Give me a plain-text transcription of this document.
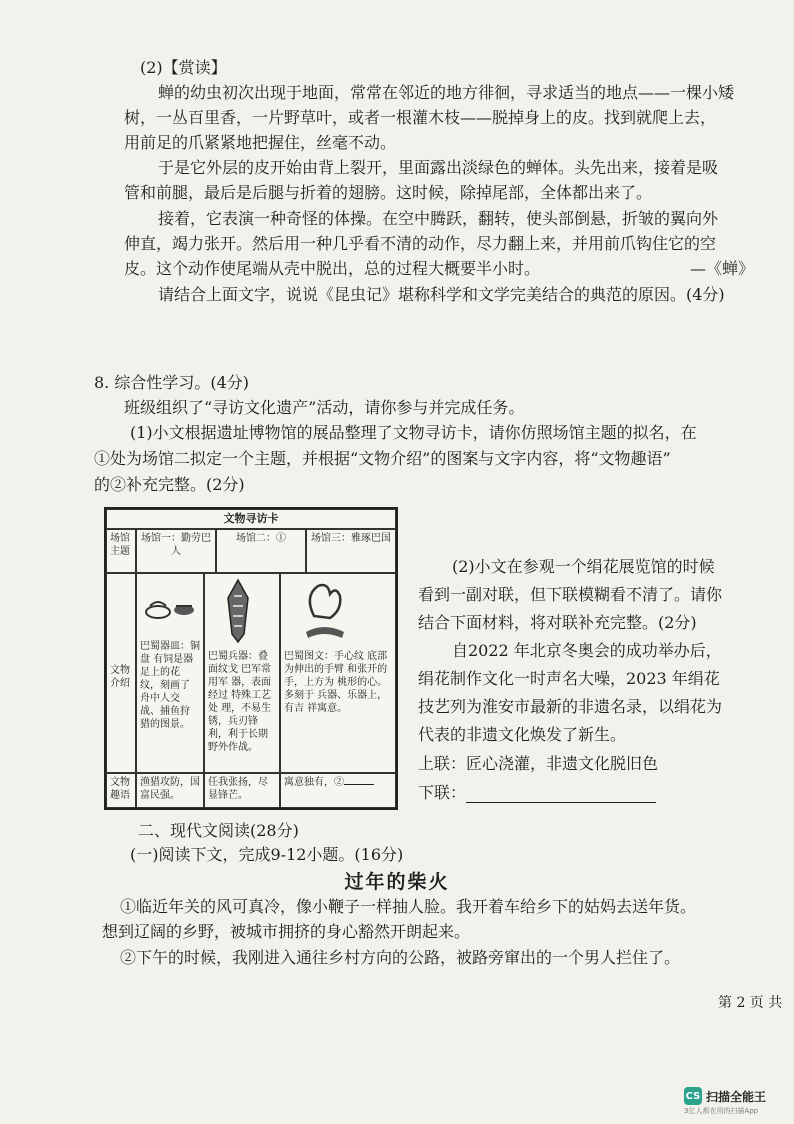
(2)【赏读】
蝉的幼虫初次出现于地面，常常在邻近的地方徘徊，寻求适当的地点——一棵小矮
树，一丛百里香，一片野草叶，或者一根灌木枝——脱掉身上的皮。找到就爬上去，
用前足的爪紧紧地把握住，丝毫不动。
于是它外层的皮开始由背上裂开，里面露出淡绿色的蝉体。头先出来，接着是吸
管和前腿，最后是后腿与折着的翅膀。这时候，除掉尾部，全体都出来了。
接着，它表演一种奇怪的体操。在空中腾跃，翻转，使头部倒悬，折皱的翼向外
伸直，竭力张开。然后用一种几乎看不清的动作，尽力翻上来，并用前爪钩住它的空
皮。这个动作使尾端从壳中脱出，总的过程大概要半小时。	—《蝉》
请结合上面文字，说说《昆虫记》堪称科学和文学完美结合的典范的原因。(4分)
8. 综合性学习。(4分)
班级组织了“寻访文化遗产”活动，请你参与并完成任务。
(1)小文根据遗址博物馆的展品整理了文物寻访卡，请你仿照场馆主题的拟名，在
①处为场馆二拟定一个主题，并根据“文物介绍”的图案与文字内容，将“文物趣语”
的②补充完整。(2分)
文物寻访卡
场馆主题
场馆一：勤劳巴人
场馆二：①	场馆三：雅琢巴国
文物介绍
巴蜀器皿：铜盘 有饲是器 足上的花 纹，刻画了 舟中人交 战、捕鱼狩 猎的图景。
巴蜀兵器：叠 面纹戈 巴军常用军 器，表面经过 特殊工艺处 理，不易生 锈，兵刃锋 利，利于长期 野外作战。
巴蜀图文：手心纹 底部为伸出的手臂 和张开的手，上方为 桃形的心。多刻于 兵器、乐器上，有吉 祥寓意。
文物趣语
渔猎攻防，国富民强。
任我张扬，尽显锋芒。
寓意独有，②
(2)小文在参观一个绢花展览馆的时候
看到一副对联，但下联模糊看不清了。请你
结合下面材料，将对联补充完整。(2分)
自2022 年北京冬奥会的成功举办后，
绢花制作文化一时声名大噪，2023 年绢花
技艺列为淮安市最新的非遗名录，以绢花为
代表的非遗文化焕发了新生。
上联：匠心浇灌，非遗文化脱旧色
下联：
二、现代文阅读(28分)
(一)阅读下文，完成9-12小题。(16分)
过年的柴火
①临近年关的风可真冷，像小鞭子一样抽人脸。我开着车给乡下的姑妈去送年货。
想到辽阔的乡野，被城市拥挤的身心豁然开朗起来。
②下午的时候，我刚进入通往乡村方向的公路，被路旁窜出的一个男人拦住了。
第 2 页 共
CS 扫描全能王
3亿人都在用的扫描App
